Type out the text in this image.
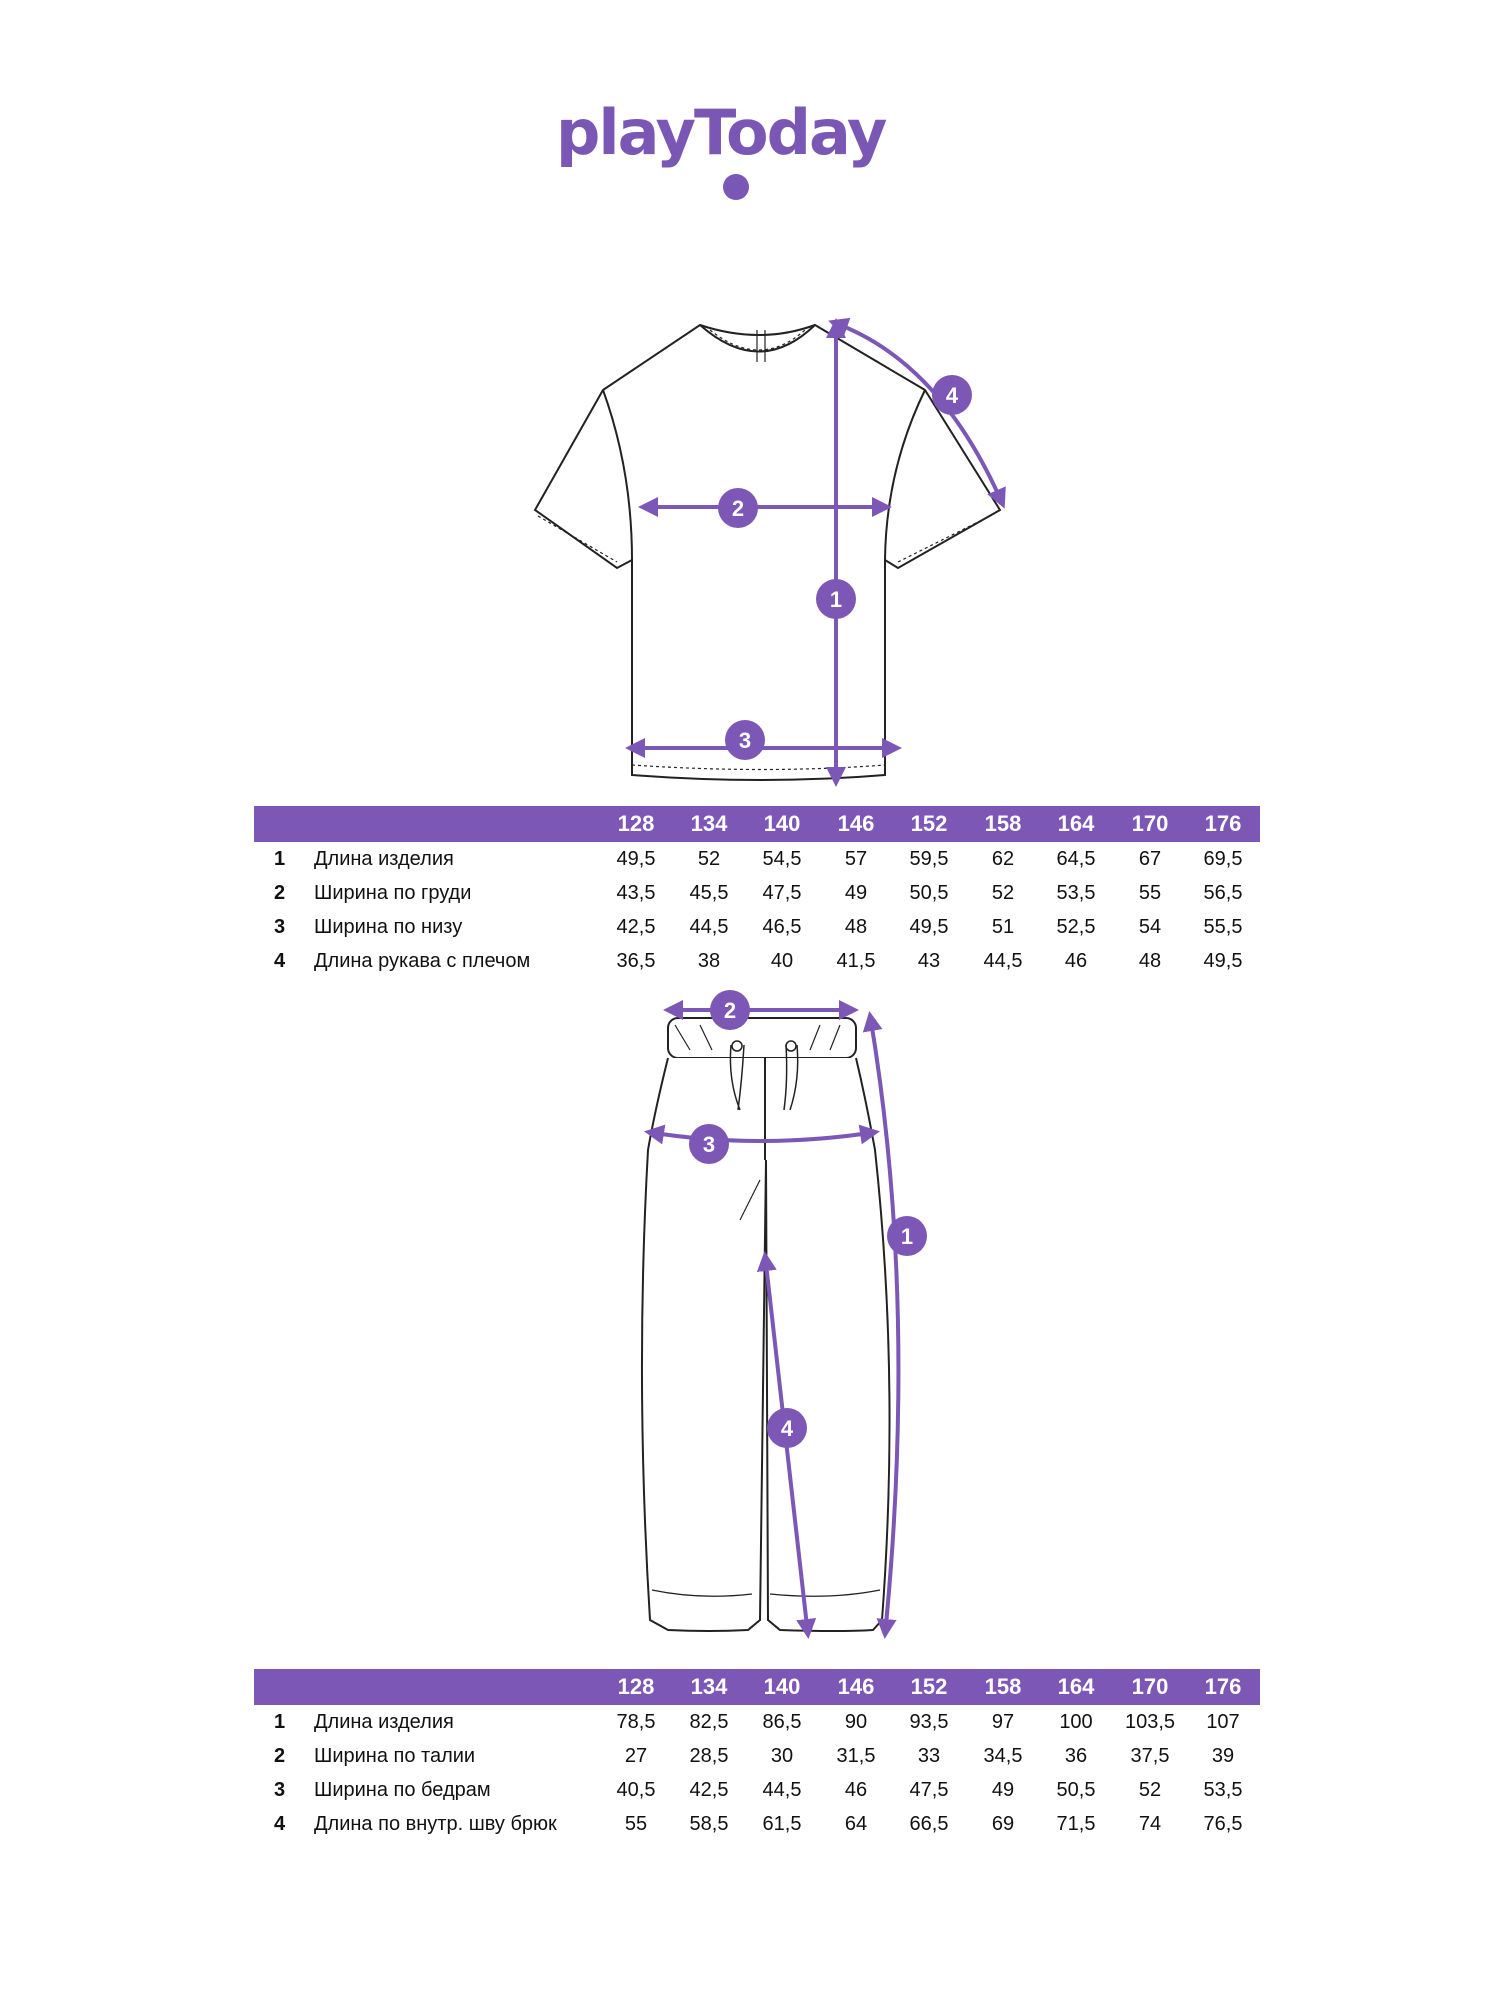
playToday
1
2
3
4
1
2
3
4
128	134	140	146	152	158	164	170	176
1 Длина изделия	49,5	52	54,5	57	59,5	62	64,5	67	69,5
2 Ширина по груди	43,5	45,5	47,5	49	50,5	52	53,5	55	56,5
3 Ширина по низу	42,5	44,5	46,5	48	49,5	51	52,5	54	55,5
4 Длина рукава с плечом	36,5	38	40	41,5	43	44,5	46	48	49,5
128	134	140	146	152	158	164	170	176
1 Длина изделия	78,5	82,5	86,5	90	93,5	97	100	103,5	107
2 Ширина по талии	27	28,5	30	31,5	33	34,5	36	37,5	39
3 Ширина по бедрам	40,5	42,5	44,5	46	47,5	49	50,5	52	53,5
4 Длина по внутр. шву брюк	55	58,5	61,5	64	66,5	69	71,5	74	76,5
